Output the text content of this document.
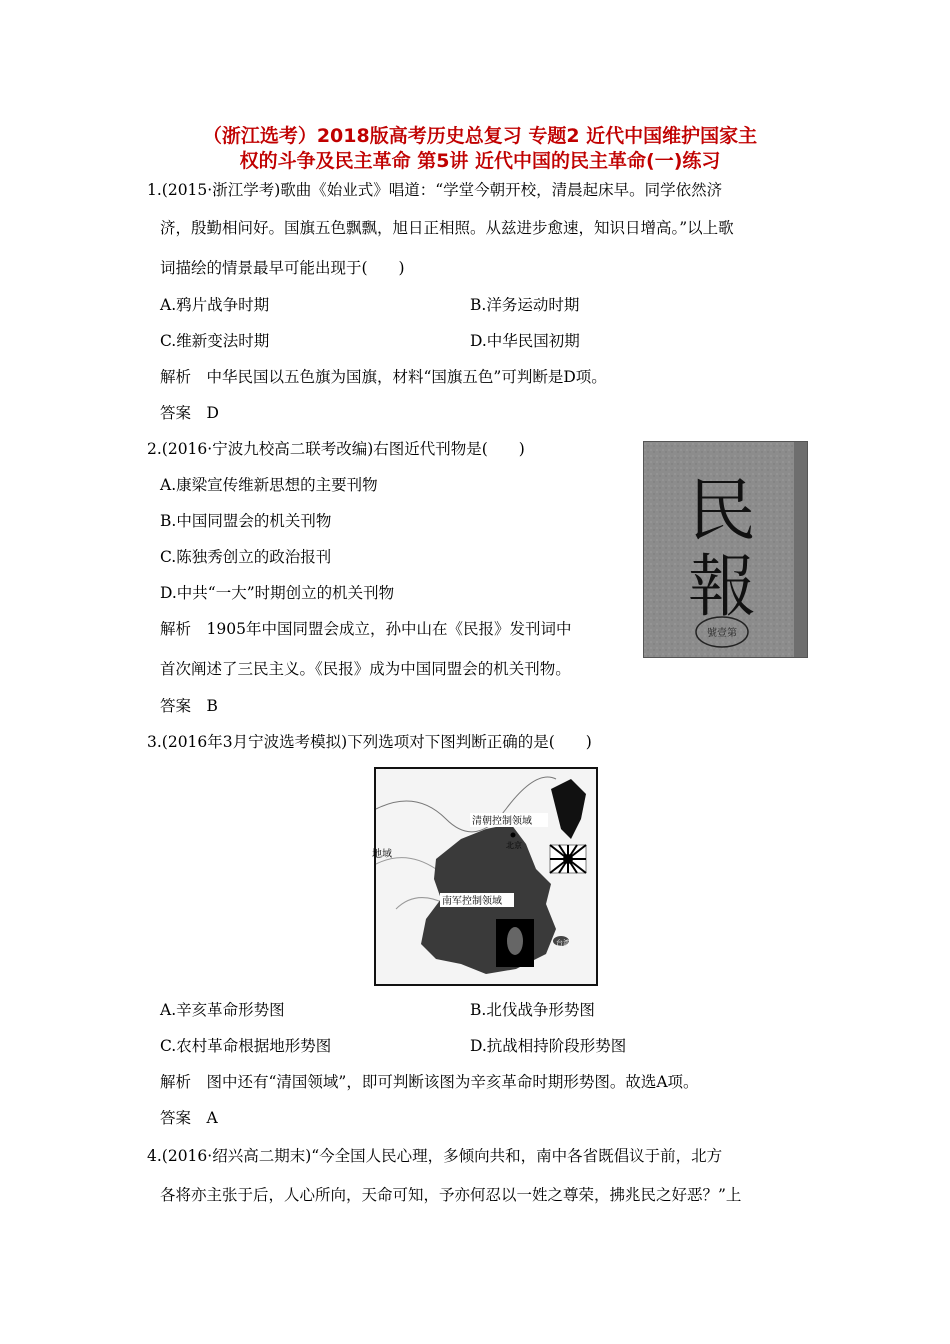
（浙江选考）2018版高考历史总复习 专题2 近代中国维护国家主
权的斗争及民主革命 第5讲 近代中国的民主革命(一)练习
1.(2015·浙江学考)歌曲《始业式》唱道：“学堂今朝开校，清晨起床早。同学依然济
济，殷勤相问好。国旗五色飘飘，旭日正相照。从兹进步愈速，知识日增高。”以上歌
词描绘的情景最早可能出现于(　　)
A.鸦片战争时期	B.洋务运动时期
C.维新变法时期	D.中华民国初期
解析　中华民国以五色旗为国旗，材料“国旗五色”可判断是D项。
答案　D
2.(2016·宁波九校高二联考改编)右图近代刊物是(　　)
A.康梁宣传维新思想的主要刊物
B.中国同盟会的机关刊物
C.陈独秀创立的政治报刊
D.中共“一大”时期创立的机关刊物
解析　1905年中国同盟会成立，孙中山在《民报》发刊词中
首次阐述了三民主义。《民报》成为中国同盟会的机关刊物。
答案　B
民
報
號壹第
3.(2016年3月宁波选考模拟)下列选项对下图判断正确的是(　　)
清朝控制领域
北京
南军控制领域
地域
台湾
A.辛亥革命形势图	B.北伐战争形势图
C.农村革命根据地形势图	D.抗战相持阶段形势图
解析　图中还有“清国领域”，即可判断该图为辛亥革命时期形势图。故选A项。
答案　A
4.(2016·绍兴高二期末)“今全国人民心理，多倾向共和，南中各省既倡议于前，北方
各将亦主张于后，人心所向，天命可知，予亦何忍以一姓之尊荣，拂兆民之好恶？”上
